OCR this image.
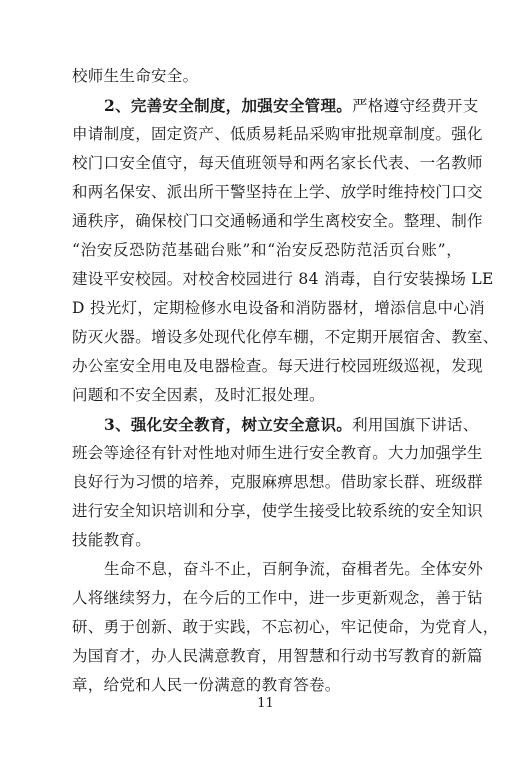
校师生生命安全。
2、完善安全制度，加强安全管理。严格遵守经费开支
申请制度，固定资产、低质易耗品采购审批规章制度。强化
校门口安全值守，每天值班领导和两名家长代表、一名教师
和两名保安、派出所干警坚持在上学、放学时维持校门口交
通秩序，确保校门口交通畅通和学生离校安全。整理、制作
“治安反恐防范基础台账”和“治安反恐防范活页台账”，
建设平安校园。对校舍校园进行 84 消毒，自行安装操场 LE
D 投光灯，定期检修水电设备和消防器材，增添信息中心消
防灭火器。增设多处现代化停车棚，不定期开展宿舍、教室、
办公室安全用电及电器检查。每天进行校园班级巡视，发现
问题和不安全因素，及时汇报处理。
3、强化安全教育，树立安全意识。利用国旗下讲话、
班会等途径有针对性地对师生进行安全教育。大力加强学生
良好行为习惯的培养，克服麻痹思想。借助家长群、班级群
进行安全知识培训和分享，使学生接受比较系统的安全知识
技能教育。
生命不息，奋斗不止，百舸争流，奋楫者先。全体安外
人将继续努力，在今后的工作中，进一步更新观念，善于钻
研、勇于创新、敢于实践，不忘初心，牢记使命，为党育人，
为国育才，办人民满意教育，用智慧和行动书写教育的新篇
章，给党和人民一份满意的教育答卷。
11
